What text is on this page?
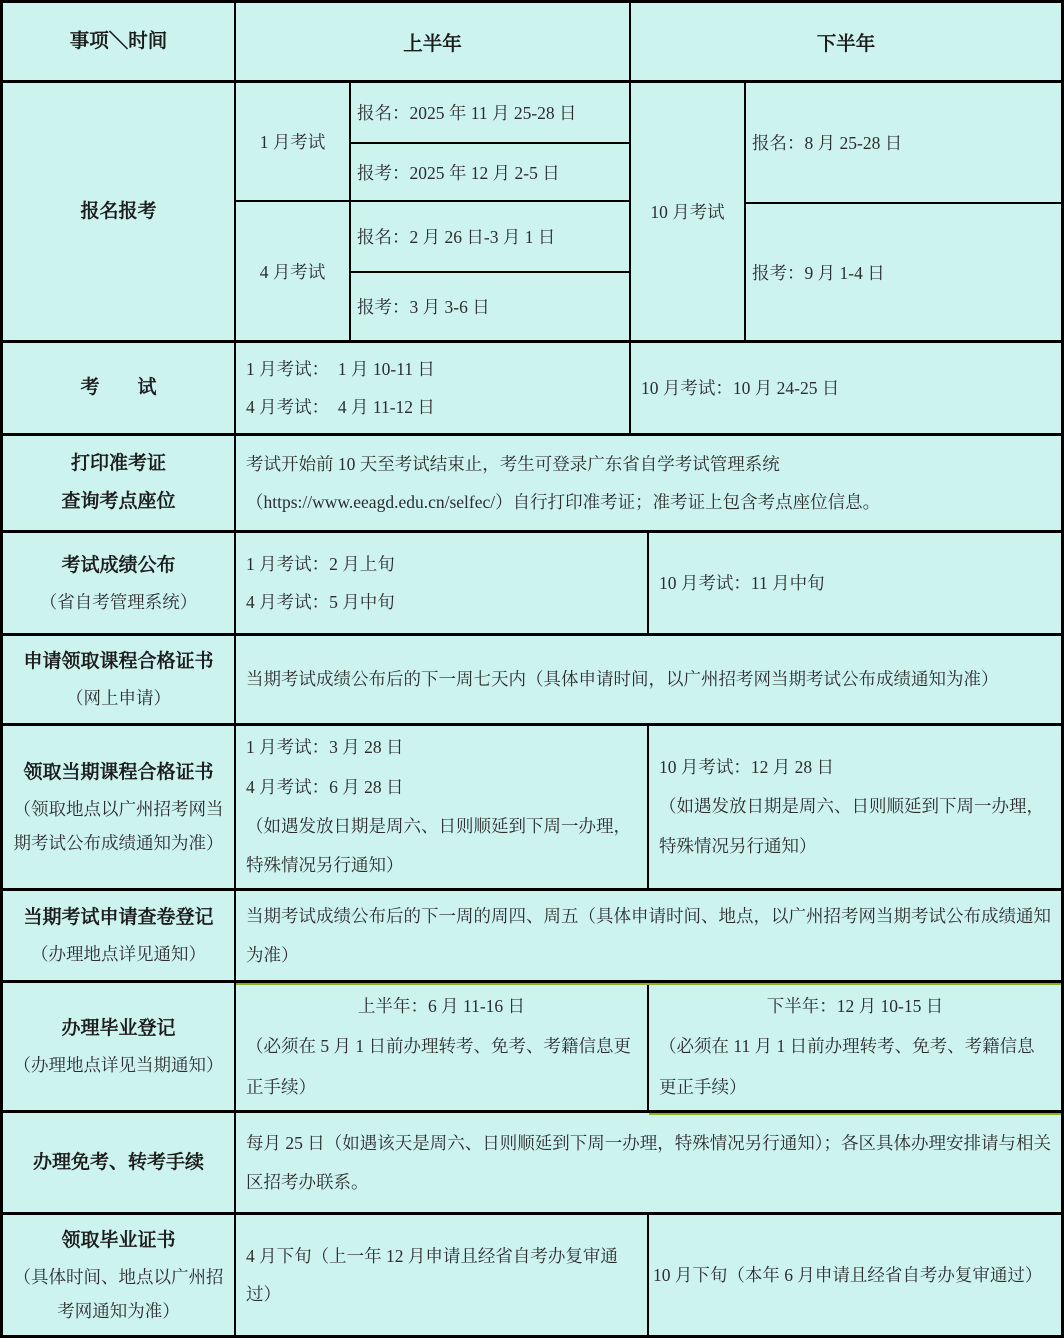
事项＼时间	上半年	下半年
报名报考
1 月考试
4 月考试
报名：2025 年 11 月 25-28 日
报考：2025 年 12 月 2-5 日
报名：2 月 26 日-3 月 1 日
报考：3 月 3-6 日
10 月考试
报名：8 月 25-28 日
报考：9 月 1-4 日
考　　试
1 月考试：　1 月 10-11 日
4 月考试：　4 月 11-12 日
10 月考试：10 月 24-25 日
打印准考证
查询考点座位
考试开始前 10 天至考试结束止，考生可登录广东省自学考试管理系统
（https://www.eeagd.edu.cn/selfec/）自行打印准考证；准考证上包含考点座位信息。
考试成绩公布
（省自考管理系统）
1 月考试：2 月上旬
4 月考试：5 月中旬
10 月考试：11 月中旬
申请领取课程合格证书
（网上申请）
当期考试成绩公布后的下一周七天内（具体申请时间，以广州招考网当期考试公布成绩通知为准）
领取当期课程合格证书
（领取地点以广州招考网当期考试公布成绩通知为准）
1 月考试：3 月 28 日
4 月考试：6 月 28 日
（如遇发放日期是周六、日则顺延到下周一办理，特殊情况另行通知）
10 月考试：12 月 28 日
（如遇发放日期是周六、日则顺延到下周一办理，特殊情况另行通知）
当期考试申请查卷登记
（办理地点详见通知）
当期考试成绩公布后的下一周的周四、周五（具体申请时间、地点，以广州招考网当期考试公布成绩通知为准）
办理毕业登记
（办理地点详见当期通知）
上半年：6 月 11-16 日
（必须在 5 月 1 日前办理转考、免考、考籍信息更正手续）
下半年：12 月 10-15 日
（必须在 11 月 1 日前办理转考、免考、考籍信息更正手续）
办理免考、转考手续
每月 25 日（如遇该天是周六、日则顺延到下周一办理，特殊情况另行通知）；各区具体办理安排请与相关区招考办联系。
领取毕业证书
（具体时间、地点以广州招考网通知为准）
4 月下旬（上一年 12 月申请且经省自考办复审通过）
10 月下旬（本年 6 月申请且经省自考办复审通过）
